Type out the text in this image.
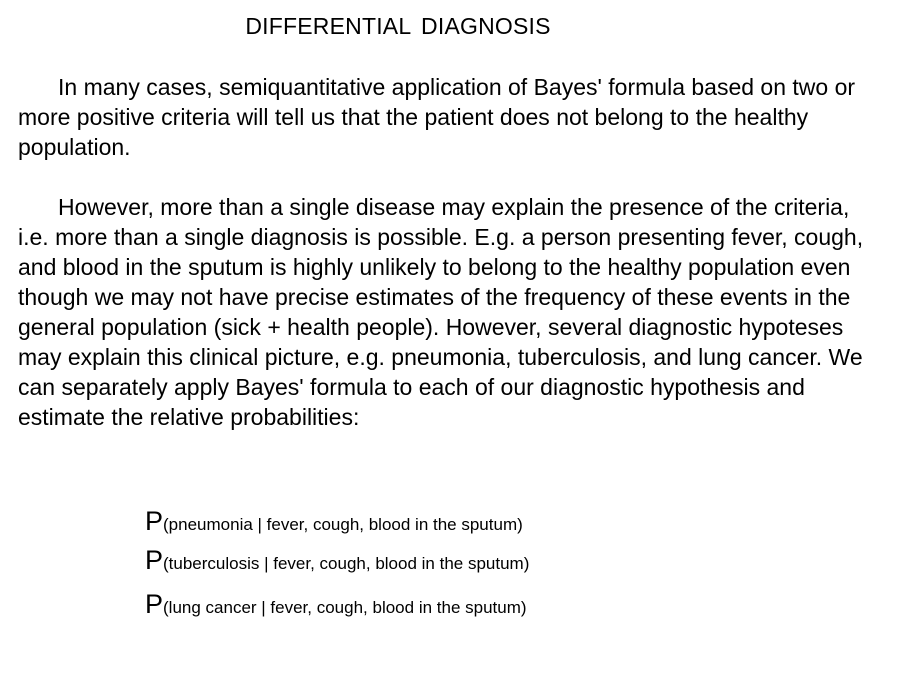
DIFFERENTIAL DIAGNOSIS

In many cases, semiquantitative application of Bayes' formula based on two or more positive criteria will tell us that the patient does not belong to the healthy population.

However, more than a single disease may explain the presence of the criteria, i.e. more than a single diagnosis is possible. E.g. a person presenting fever, cough, and blood in the sputum is highly unlikely to belong to the healthy population even though we may not have precise estimates of the frequency of these events in the general population (sick + health people). However, several diagnostic hypoteses may explain this clinical picture, e.g. pneumonia, tuberculosis, and lung cancer. We can separately apply Bayes' formula to each of our diagnostic hypothesis and estimate the relative probabilities:

P(pneumonia | fever, cough, blood in the sputum)
P(tuberculosis | fever, cough, blood in the sputum)
P(lung cancer | fever, cough, blood in the sputum)
